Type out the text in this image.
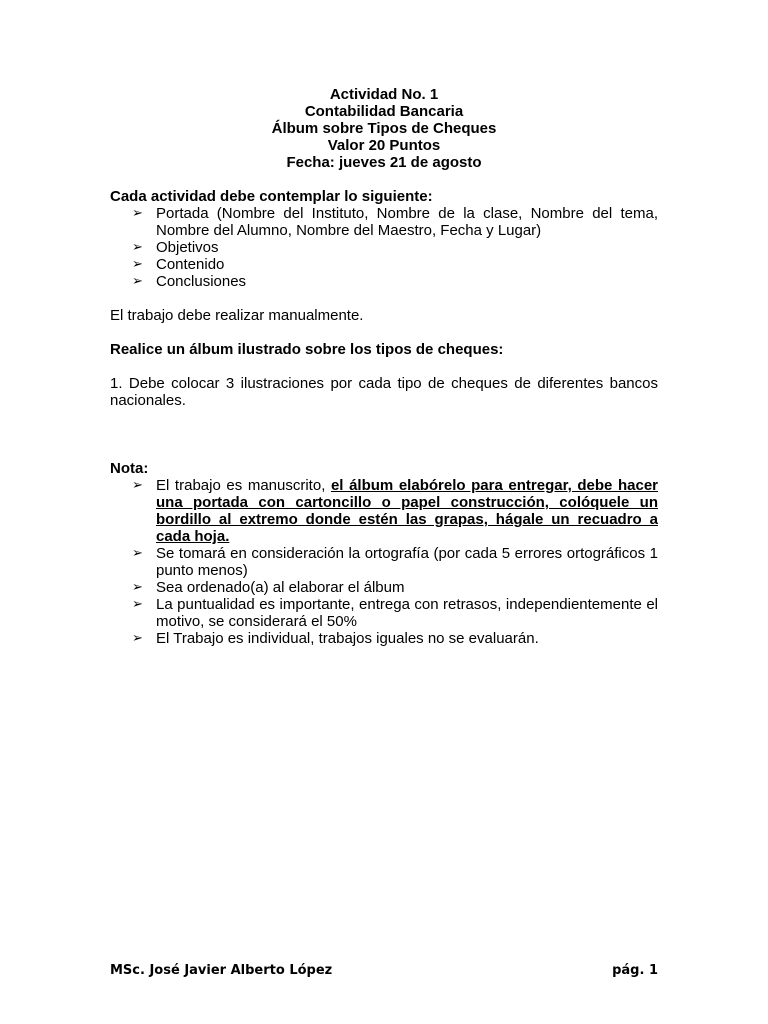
Actividad No. 1
Contabilidad Bancaria
Álbum sobre Tipos de Cheques
Valor 20 Puntos
Fecha: jueves 21 de agosto

Cada actividad debe contemplar lo siguiente:

➢ Portada (Nombre del Instituto, Nombre de la clase, Nombre del tema, Nombre del Alumno, Nombre del Maestro, Fecha y Lugar)
➢ Objetivos
➢ Contenido
➢ Conclusiones

El trabajo debe realizar manualmente.

Realice un álbum ilustrado sobre los tipos de cheques:

1. Debe colocar 3 ilustraciones por cada tipo de cheques de diferentes bancos nacionales.

Nota:

➢ El trabajo es manuscrito, el álbum elabórelo para entregar, debe hacer una portada con cartoncillo o papel construcción, colóquele un bordillo al extremo donde estén las grapas, hágale un recuadro a cada hoja.
➢ Se tomará en consideración la ortografía (por cada 5 errores ortográficos 1 punto menos)
➢ Sea ordenado(a) al elaborar el álbum
➢ La puntualidad es importante, entrega con retrasos, independientemente el motivo, se considerará el 50%
➢ El Trabajo es individual, trabajos iguales no se evaluarán.
MSc. José Javier Alberto López	pág. 1
